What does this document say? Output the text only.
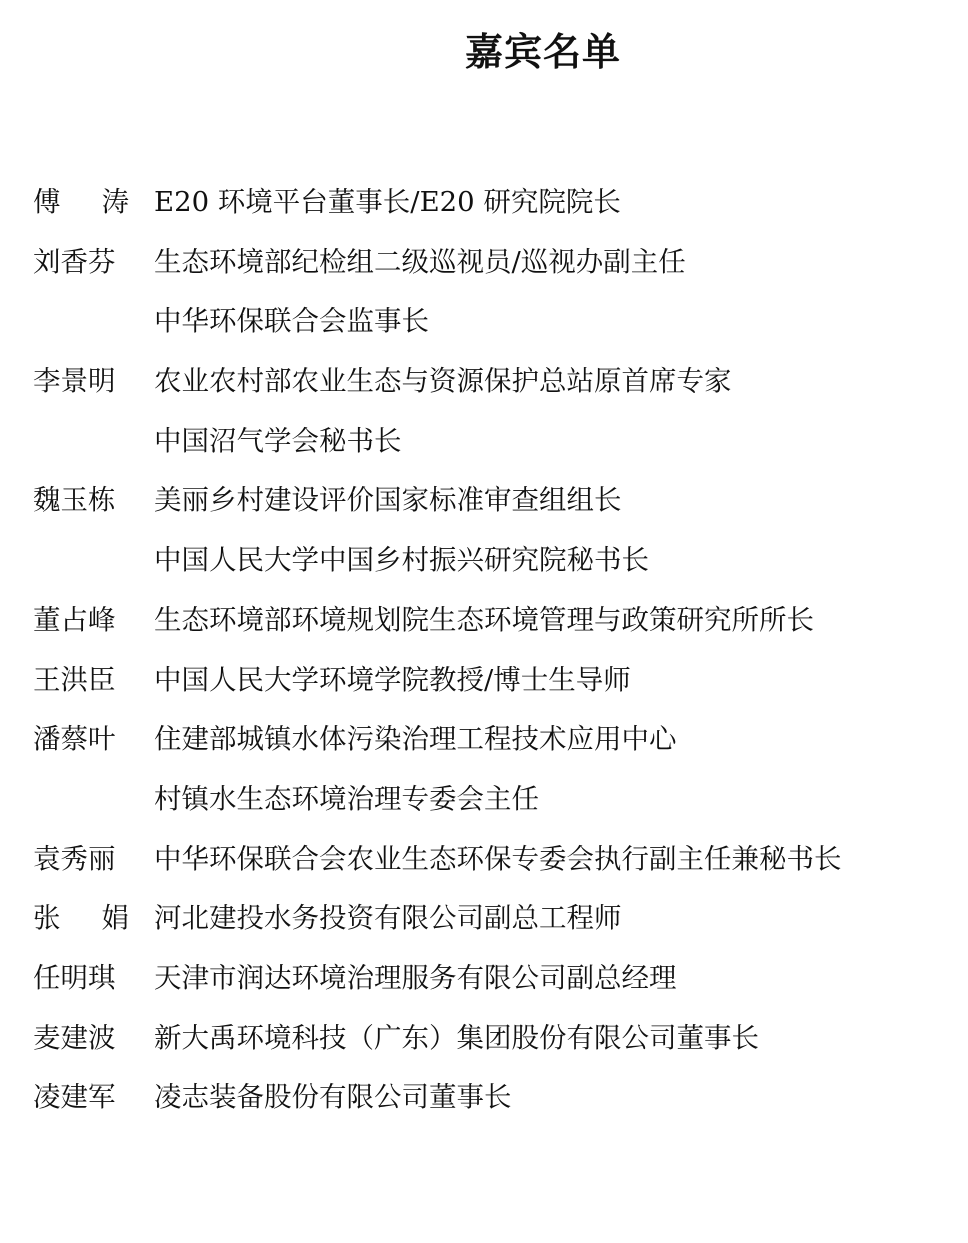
嘉宾名单
傅 涛 E20 环境平台董事长/E20 研究院院长
刘香芬 生态环境部纪检组二级巡视员/巡视办副主任
中华环保联合会监事长
李景明 农业农村部农业生态与资源保护总站原首席专家
中国沼气学会秘书长
魏玉栋 美丽乡村建设评价国家标准审查组组长
中国人民大学中国乡村振兴研究院秘书长
董占峰 生态环境部环境规划院生态环境管理与政策研究所所长
王洪臣 中国人民大学环境学院教授/博士生导师
潘蔡叶 住建部城镇水体污染治理工程技术应用中心
村镇水生态环境治理专委会主任
袁秀丽 中华环保联合会农业生态环保专委会执行副主任兼秘书长
张 娟 河北建投水务投资有限公司副总工程师
任明琪 天津市润达环境治理服务有限公司副总经理
麦建波 新大禹环境科技（广东）集团股份有限公司董事长
凌建军 凌志装备股份有限公司董事长
